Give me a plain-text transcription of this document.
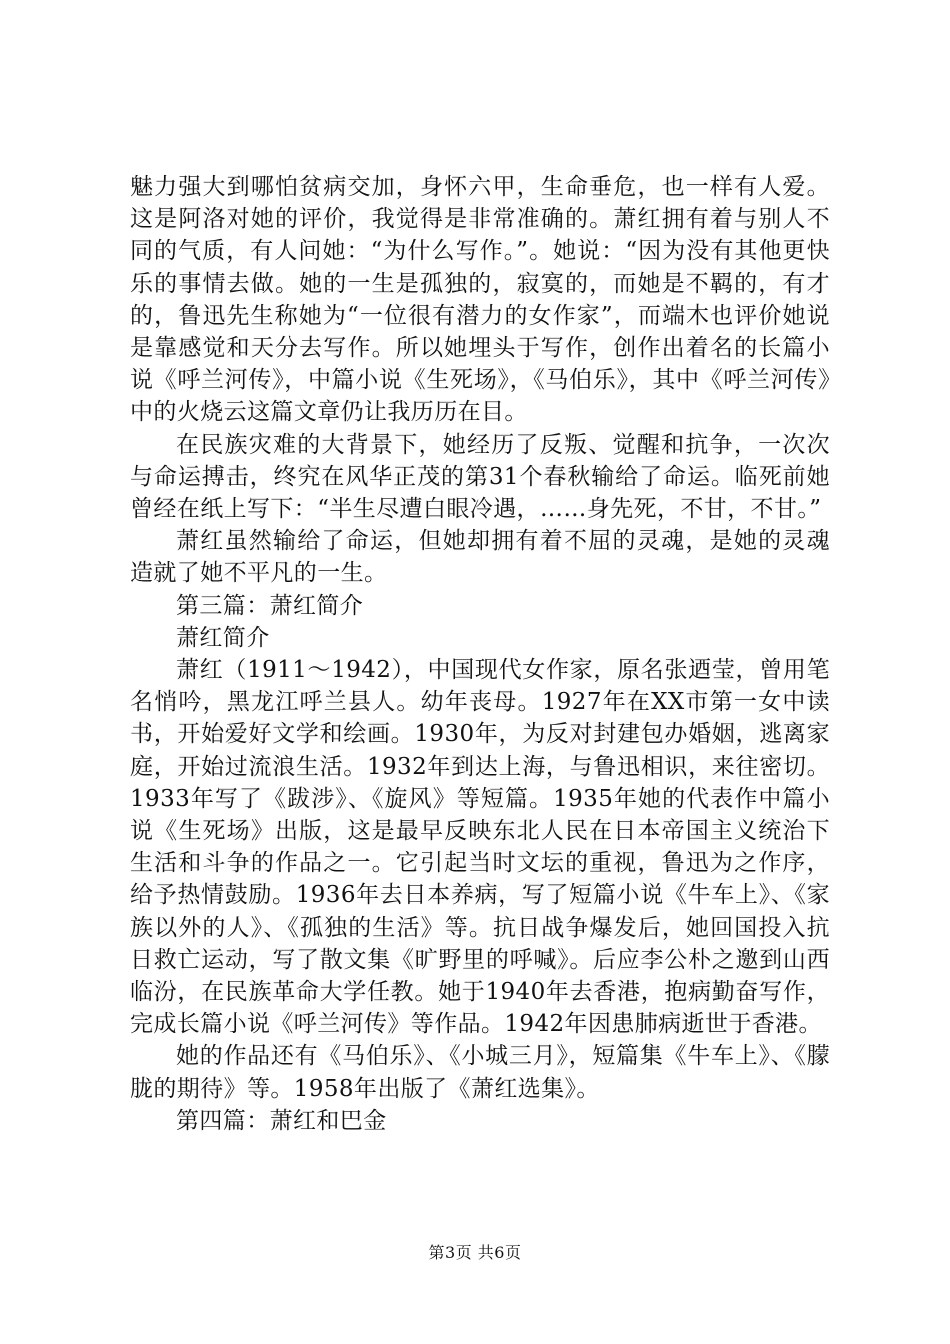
魅力强大到哪怕贫病交加，身怀六甲，生命垂危，也一样有人爱。这是阿洛对她的评价，我觉得是非常准确的。萧红拥有着与别人不同的气质，有人问她：“为什么写作。”。她说：“因为没有其他更快乐的事情去做。她的一生是孤独的，寂寞的，而她是不羁的，有才的，鲁迅先生称她为“一位很有潜力的女作家”，而端木也评价她说是靠感觉和天分去写作。所以她埋头于写作，创作出着名的长篇小说《呼兰河传》，中篇小说《生死场》，《马伯乐》，其中《呼兰河传》中的火烧云这篇文章仍让我历历在目。

在民族灾难的大背景下，她经历了反叛、觉醒和抗争，一次次与命运搏击，终究在风华正茂的第31个春秋输给了命运。临死前她曾经在纸上写下：“半生尽遭白眼冷遇，……身先死，不甘，不甘。”

萧红虽然输给了命运，但她却拥有着不屈的灵魂，是她的灵魂造就了她不平凡的一生。

第三篇：萧红简介

萧红简介

萧红（1911～1942），中国现代女作家，原名张迺莹，曾用笔名悄吟，黑龙江呼兰县人。幼年丧母。1927年在XX市第一女中读书，开始爱好文学和绘画。1930年，为反对封建包办婚姻，逃离家庭，开始过流浪生活。1932年到达上海，与鲁迅相识，来往密切。1933年写了《跋涉》、《旋风》等短篇。1935年她的代表作中篇小说《生死场》出版，这是最早反映东北人民在日本帝国主义统治下生活和斗争的作品之一。它引起当时文坛的重视，鲁迅为之作序，给予热情鼓励。1936年去日本养病，写了短篇小说《牛车上》、《家族以外的人》、《孤独的生活》等。抗日战争爆发后，她回国投入抗日救亡运动，写了散文集《旷野里的呼喊》。后应李公朴之邀到山西临汾，在民族革命大学任教。她于1940年去香港，抱病勤奋写作，完成长篇小说《呼兰河传》等作品。1942年因患肺病逝世于香港。

她的作品还有《马伯乐》、《小城三月》，短篇集《牛车上》、《朦胧的期待》等。1958年出版了《萧红选集》。

第四篇：萧红和巴金

第3页 共6页
